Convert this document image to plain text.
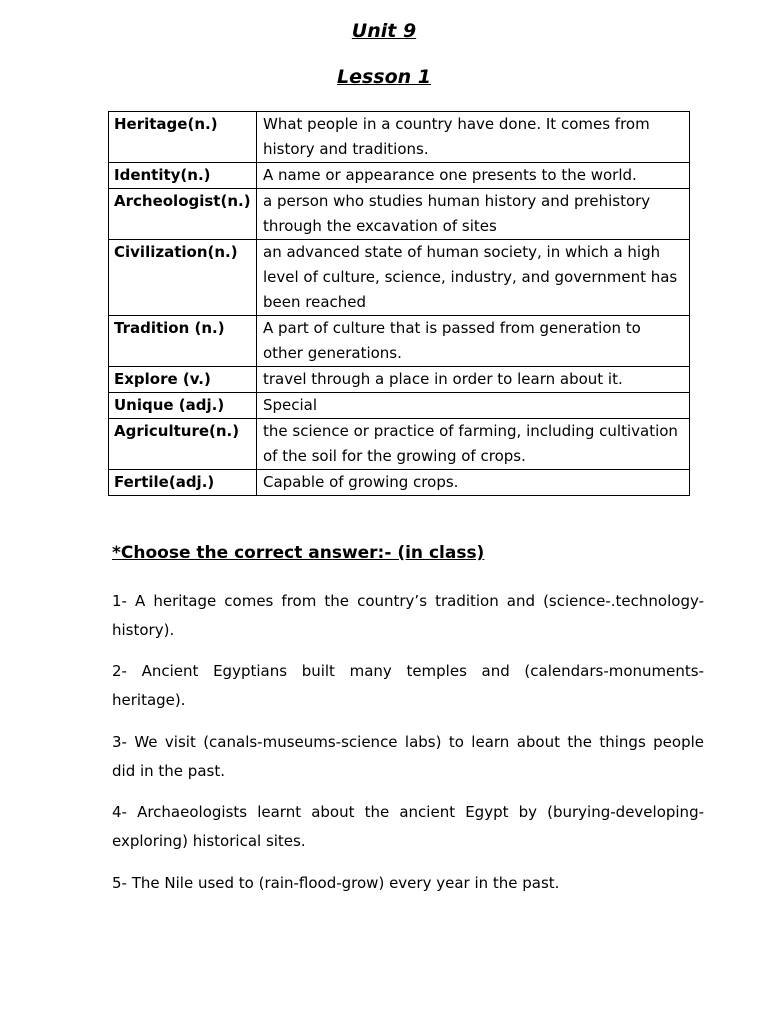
Unit 9
Lesson 1
Heritage(n.)	What people in a country have done. It comes from history and traditions.
Identity(n.)	A name or appearance one presents to the world.
Archeologist(n.)	a person who studies human history and prehistory through the excavation of sites
Civilization(n.)	an advanced state of human society, in which a high level of culture, science, industry, and government has been reached
Tradition (n.)	A part of culture that is passed from generation to other generations.
Explore (v.)	travel through a place in order to learn about it.
Unique (adj.)	Special
Agriculture(n.)	the science or practice of farming, including cultivation of the soil for the growing of crops.
Fertile(adj.)	Capable of growing crops.
*Choose the correct answer:- (in class)
1- A heritage comes from the country’s tradition and (science-.technology-history).
2- Ancient Egyptians built many temples and (calendars-monuments-heritage).
3- We visit (canals-museums-science labs) to learn about the things people did in the past.
4- Archaeologists learnt about the ancient Egypt by (burying-developing-exploring) historical sites.
5- The Nile used to (rain-flood-grow) every year in the past.
